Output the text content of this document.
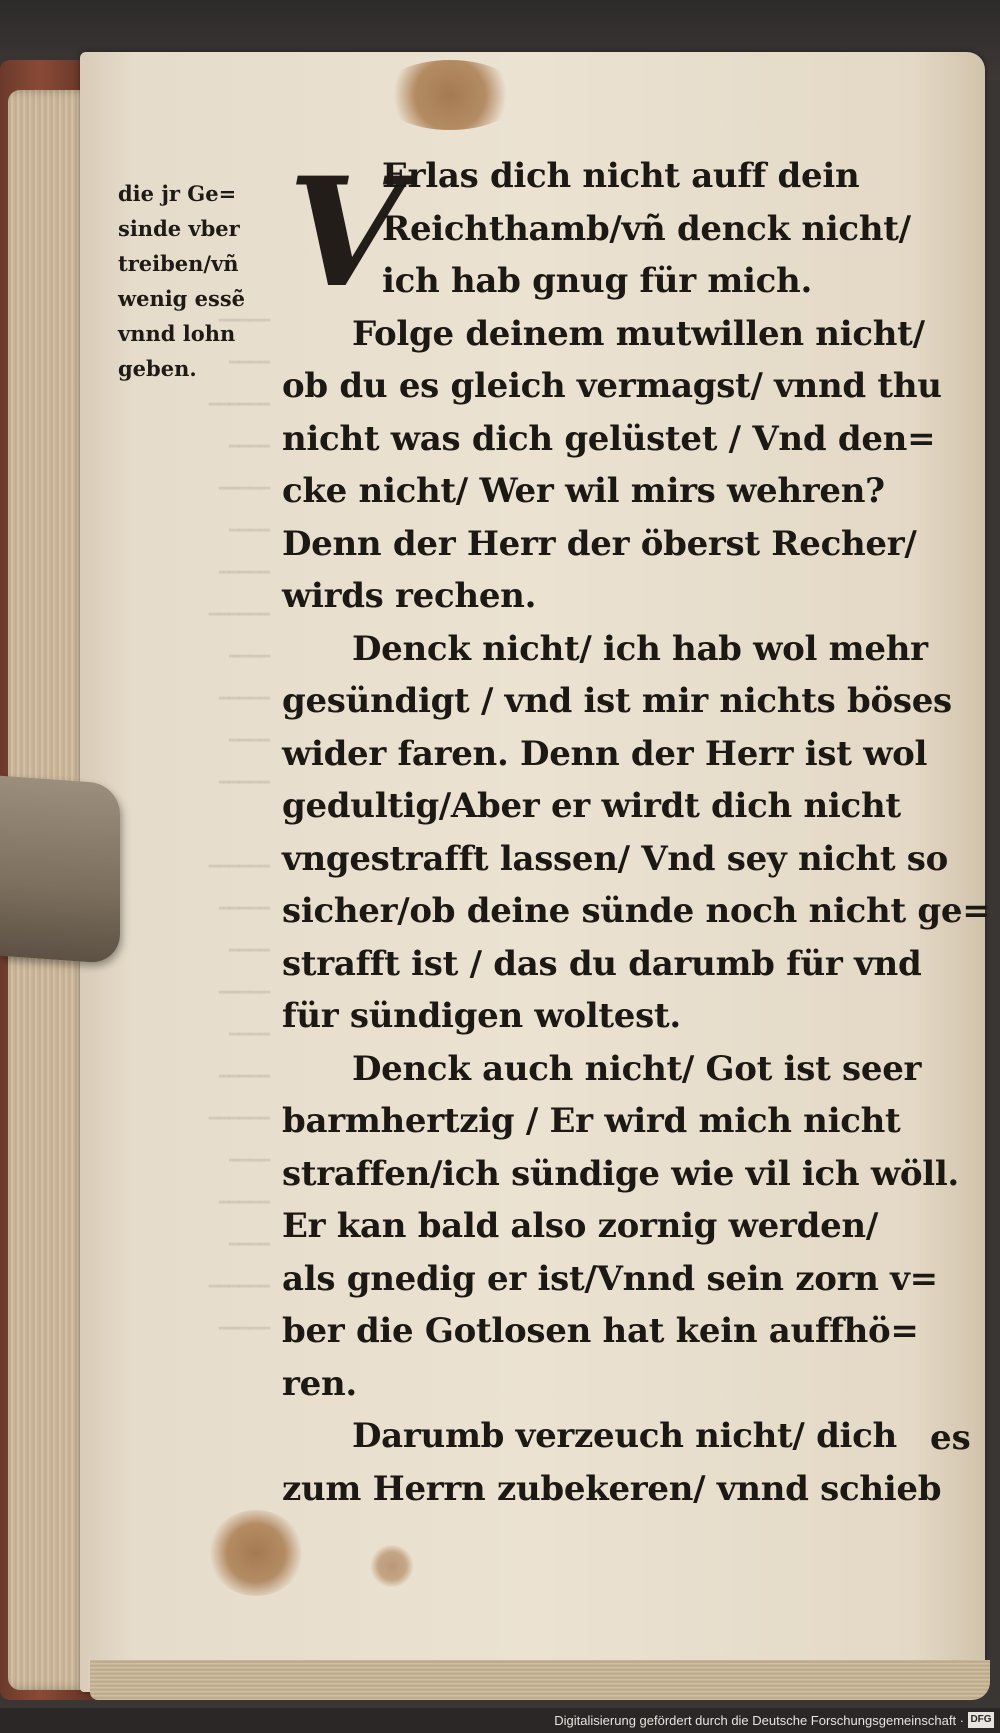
━━━━━
━━━━
━━━━━━
━━━━
━━━━━
━━━━
━━━━━
━━━━━━
━━━━
━━━━━
━━━━
━━━━━

━━━━━━
━━━━━
━━━━
━━━━━
━━━━
━━━━━
━━━━━━
━━━━
━━━━━
━━━━
━━━━━━
━━━━━
die jr Ge=
sinde vber
treiben/vñ
wenig essẽ
vnnd lohn
geben.
V
Erlas dich nicht auff dein
Reichthamb/vñ denck nicht/
ich hab gnug für mich.
Folge deinem mutwillen nicht/
ob du es gleich vermagst/ vnnd thu
nicht was dich gelüstet / Vnd den=
cke nicht/ Wer wil mirs wehren?
Denn der Herr der öberst Recher/
wirds rechen.
Denck nicht/ ich hab wol mehr
gesündigt / vnd ist mir nichts böses
wider faren. Denn der Herr ist wol
gedultig/Aber er wirdt dich nicht
vngestrafft lassen/ Vnd sey nicht so
sicher/ob deine sünde noch nicht ge=
strafft ist / das du darumb für vnd
für sündigen woltest.
Denck auch nicht/ Got ist seer
barmhertzig / Er wird mich nicht
straffen/ich sündige wie vil ich wöll.
Er kan bald also zornig werden/
als gnedig er ist/Vnnd sein zorn v=
ber die Gotlosen hat kein auffhö=
ren.
Darumb verzeuch nicht/ dich
zum Herrn zubekeren/ vnnd schieb
es
Digitalisierung gefördert durch die Deutsche Forschungsgemeinschaft · DFG
